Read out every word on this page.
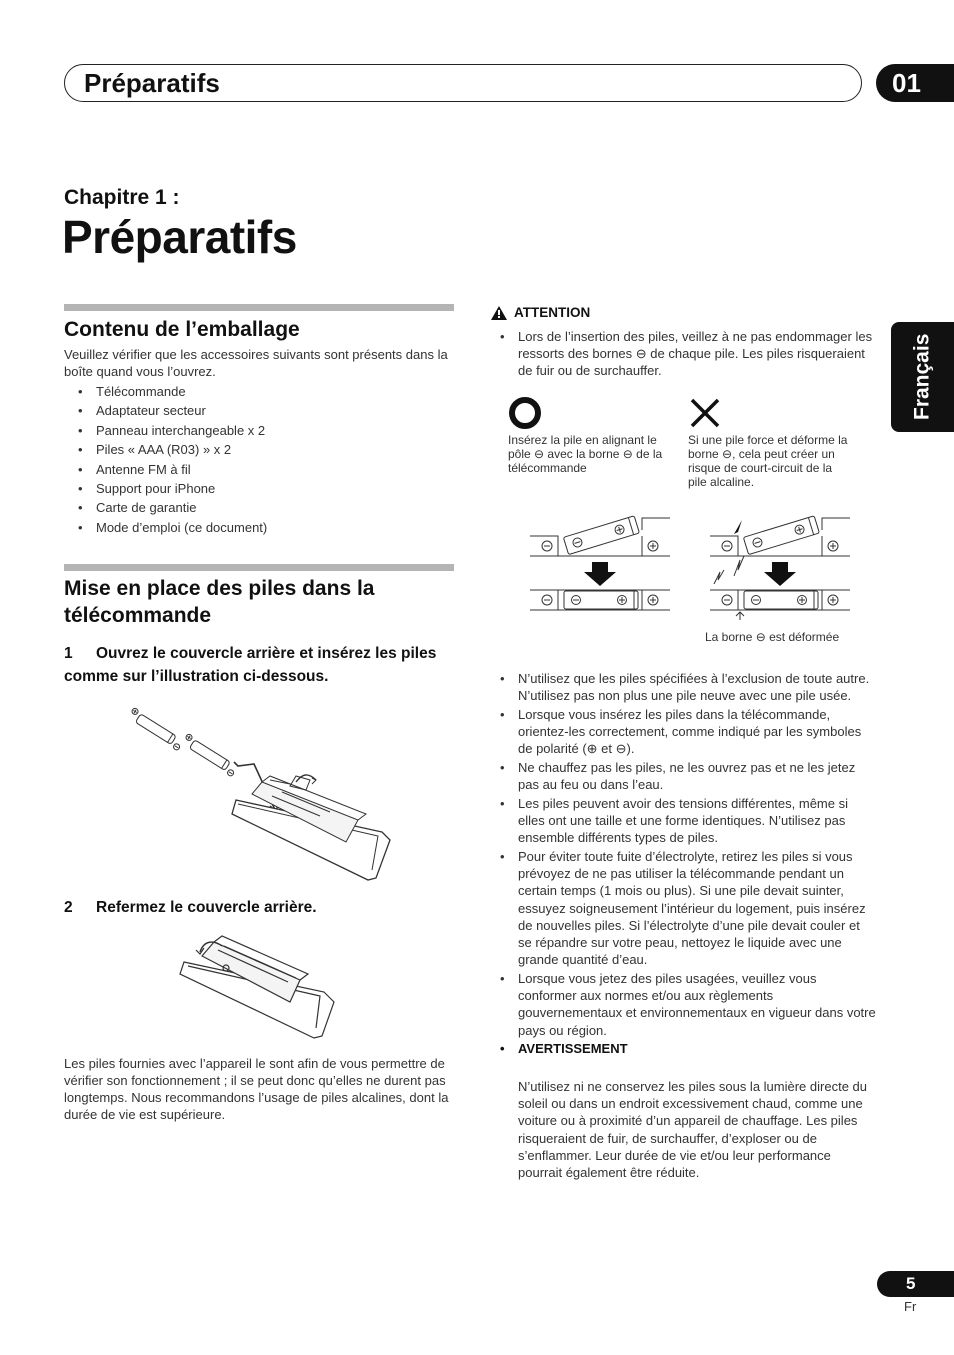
Préparatifs	01
Français
Chapitre 1 :
Préparatifs
Contenu de l’emballage
Veuillez vérifier que les accessoires suivants sont présents dans la boîte quand vous l’ouvrez.
• Télécommande
• Adaptateur secteur
• Panneau interchangeable x 2
• Piles « AAA (R03) » x 2
• Antenne FM à fil
• Support pour iPhone
• Carte de garantie
• Mode d’emploi (ce document)
Mise en place des piles dans la télécommande
1 Ouvrez le couvercle arrière et insérez les piles comme sur l’illustration ci-dessous.
2 Refermez le couvercle arrière.
Les piles fournies avec l’appareil le sont afin de vous permettre de vérifier son fonctionnement ; il se peut donc qu’elles ne durent pas longtemps. Nous recommandons l’usage de piles alcalines, dont la durée de vie est supérieure.
ATTENTION
• Lors de l’insertion des piles, veillez à ne pas endommager les ressorts des bornes ⊖ de chaque pile. Les piles risqueraient de fuir ou de surchauffer.
Insérez la pile en alignant le pôle ⊖ avec la borne ⊖ de la télécommande
Si une pile force et déforme la borne ⊖, cela peut créer un risque de court-circuit de la pile alcaline.
La borne ⊖ est déformée
• N’utilisez que les piles spécifiées à l’exclusion de toute autre. N’utilisez pas non plus une pile neuve avec une pile usée.
• Lorsque vous insérez les piles dans la télécommande, orientez-les correctement, comme indiqué par les symboles de polarité (⊕ et ⊖).
• Ne chauffez pas les piles, ne les ouvrez pas et ne les jetez pas au feu ou dans l’eau.
• Les piles peuvent avoir des tensions différentes, même si elles ont une taille et une forme identiques. N’utilisez pas ensemble différents types de piles.
• Pour éviter toute fuite d’électrolyte, retirez les piles si vous prévoyez de ne pas utiliser la télécommande pendant un certain temps (1 mois ou plus). Si une pile devait suinter, essuyez soigneusement l’intérieur du logement, puis insérez de nouvelles piles. Si l’électrolyte d’une pile devait couler et se répandre sur votre peau, nettoyez le liquide avec une grande quantité d’eau.
• Lorsque vous jetez des piles usagées, veuillez vous conformer aux normes et/ou aux règlements gouvernementaux et environnementaux en vigueur dans votre pays ou région.
• AVERTISSEMENT
N’utilisez ni ne conservez les piles sous la lumière directe du soleil ou dans un endroit excessivement chaud, comme une voiture ou à proximité d’un appareil de chauffage. Les piles risqueraient de fuir, de surchauffer, d’exploser ou de s’enflammer. Leur durée de vie et/ou leur performance pourrait également être réduite.
5
Fr
